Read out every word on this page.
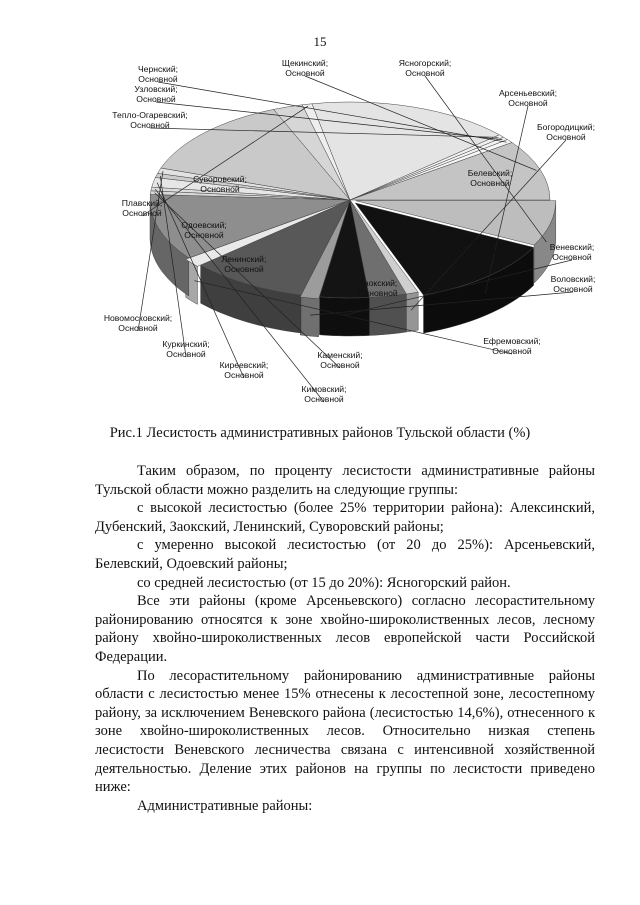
15
Белевский; Основной
Дубенский; Основной
Заокский; Основной
Ленинский; Основной
Одоевский; Основной
Суворовский; Основной
Ясногорский; Основной
Арсеньевский; Основной
Богородицкий; Основной
Веневский; Основной
Воловский; Основной
Ефремовский; Основной
Каменский; Основной
Кимовский; Основной
Киреевский; Основной
Куркинский; Основной
Новомосковский; Основной
Плавский; Основной
Тепло-Огаревский; Основной
Узловский; Основной
Чернский; Основной
Щекинский; Основной
Рис.1 Лесистость административных районов Тульской области (%)

Таким образом, по проценту лесистости административные районы Тульской области можно разделить на следующие группы:

с высокой лесистостью (более 25% территории района): Алексинский, Дубенский, Заокский, Ленинский, Суворовский районы;

с умеренно высокой лесистостью (от 20 до 25%): Арсеньевский, Белевский, Одоевский районы;

со средней лесистостью (от 15 до 20%): Ясногорский район.

Все эти районы (кроме Арсеньевского) согласно лесорастительному районированию относятся к зоне хвойно-широколиственных лесов, лесному району хвойно-широколиственных лесов европейской части Российской Федерации.

По лесорастительному районированию административные районы области с лесистостью менее 15% отнесены к лесостепной зоне, лесостепному району, за исключением Веневского района (лесистостью 14,6%), отнесенного к зоне хвойно-широколиственных лесов. Относительно низкая степень лесистости Веневского лесничества связана с интенсивной хозяйственной деятельностью. Деление этих районов на группы по лесистости приведено ниже:

Административные районы:
